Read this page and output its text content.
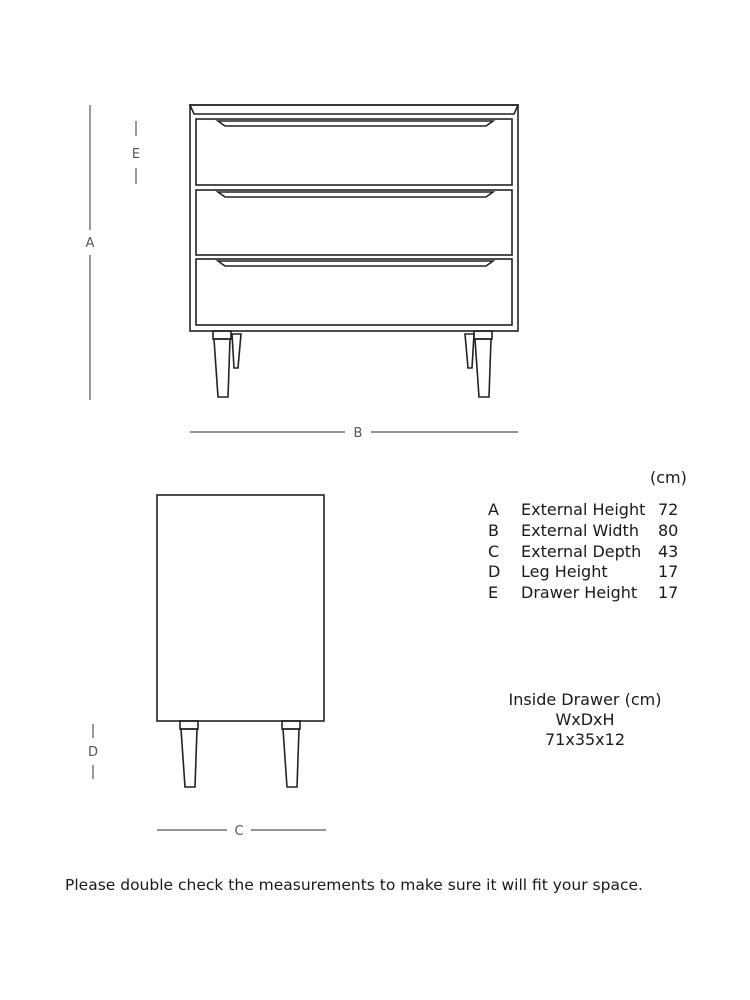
A
E
B
D
C
(cm)
A External Height 72
B External Width 80
C External Depth 43
D Leg Height	17
E Drawer Height 17
Inside Drawer (cm)
WxDxH
71x35x12
Please double check the measurements to make sure it will fit your space.
